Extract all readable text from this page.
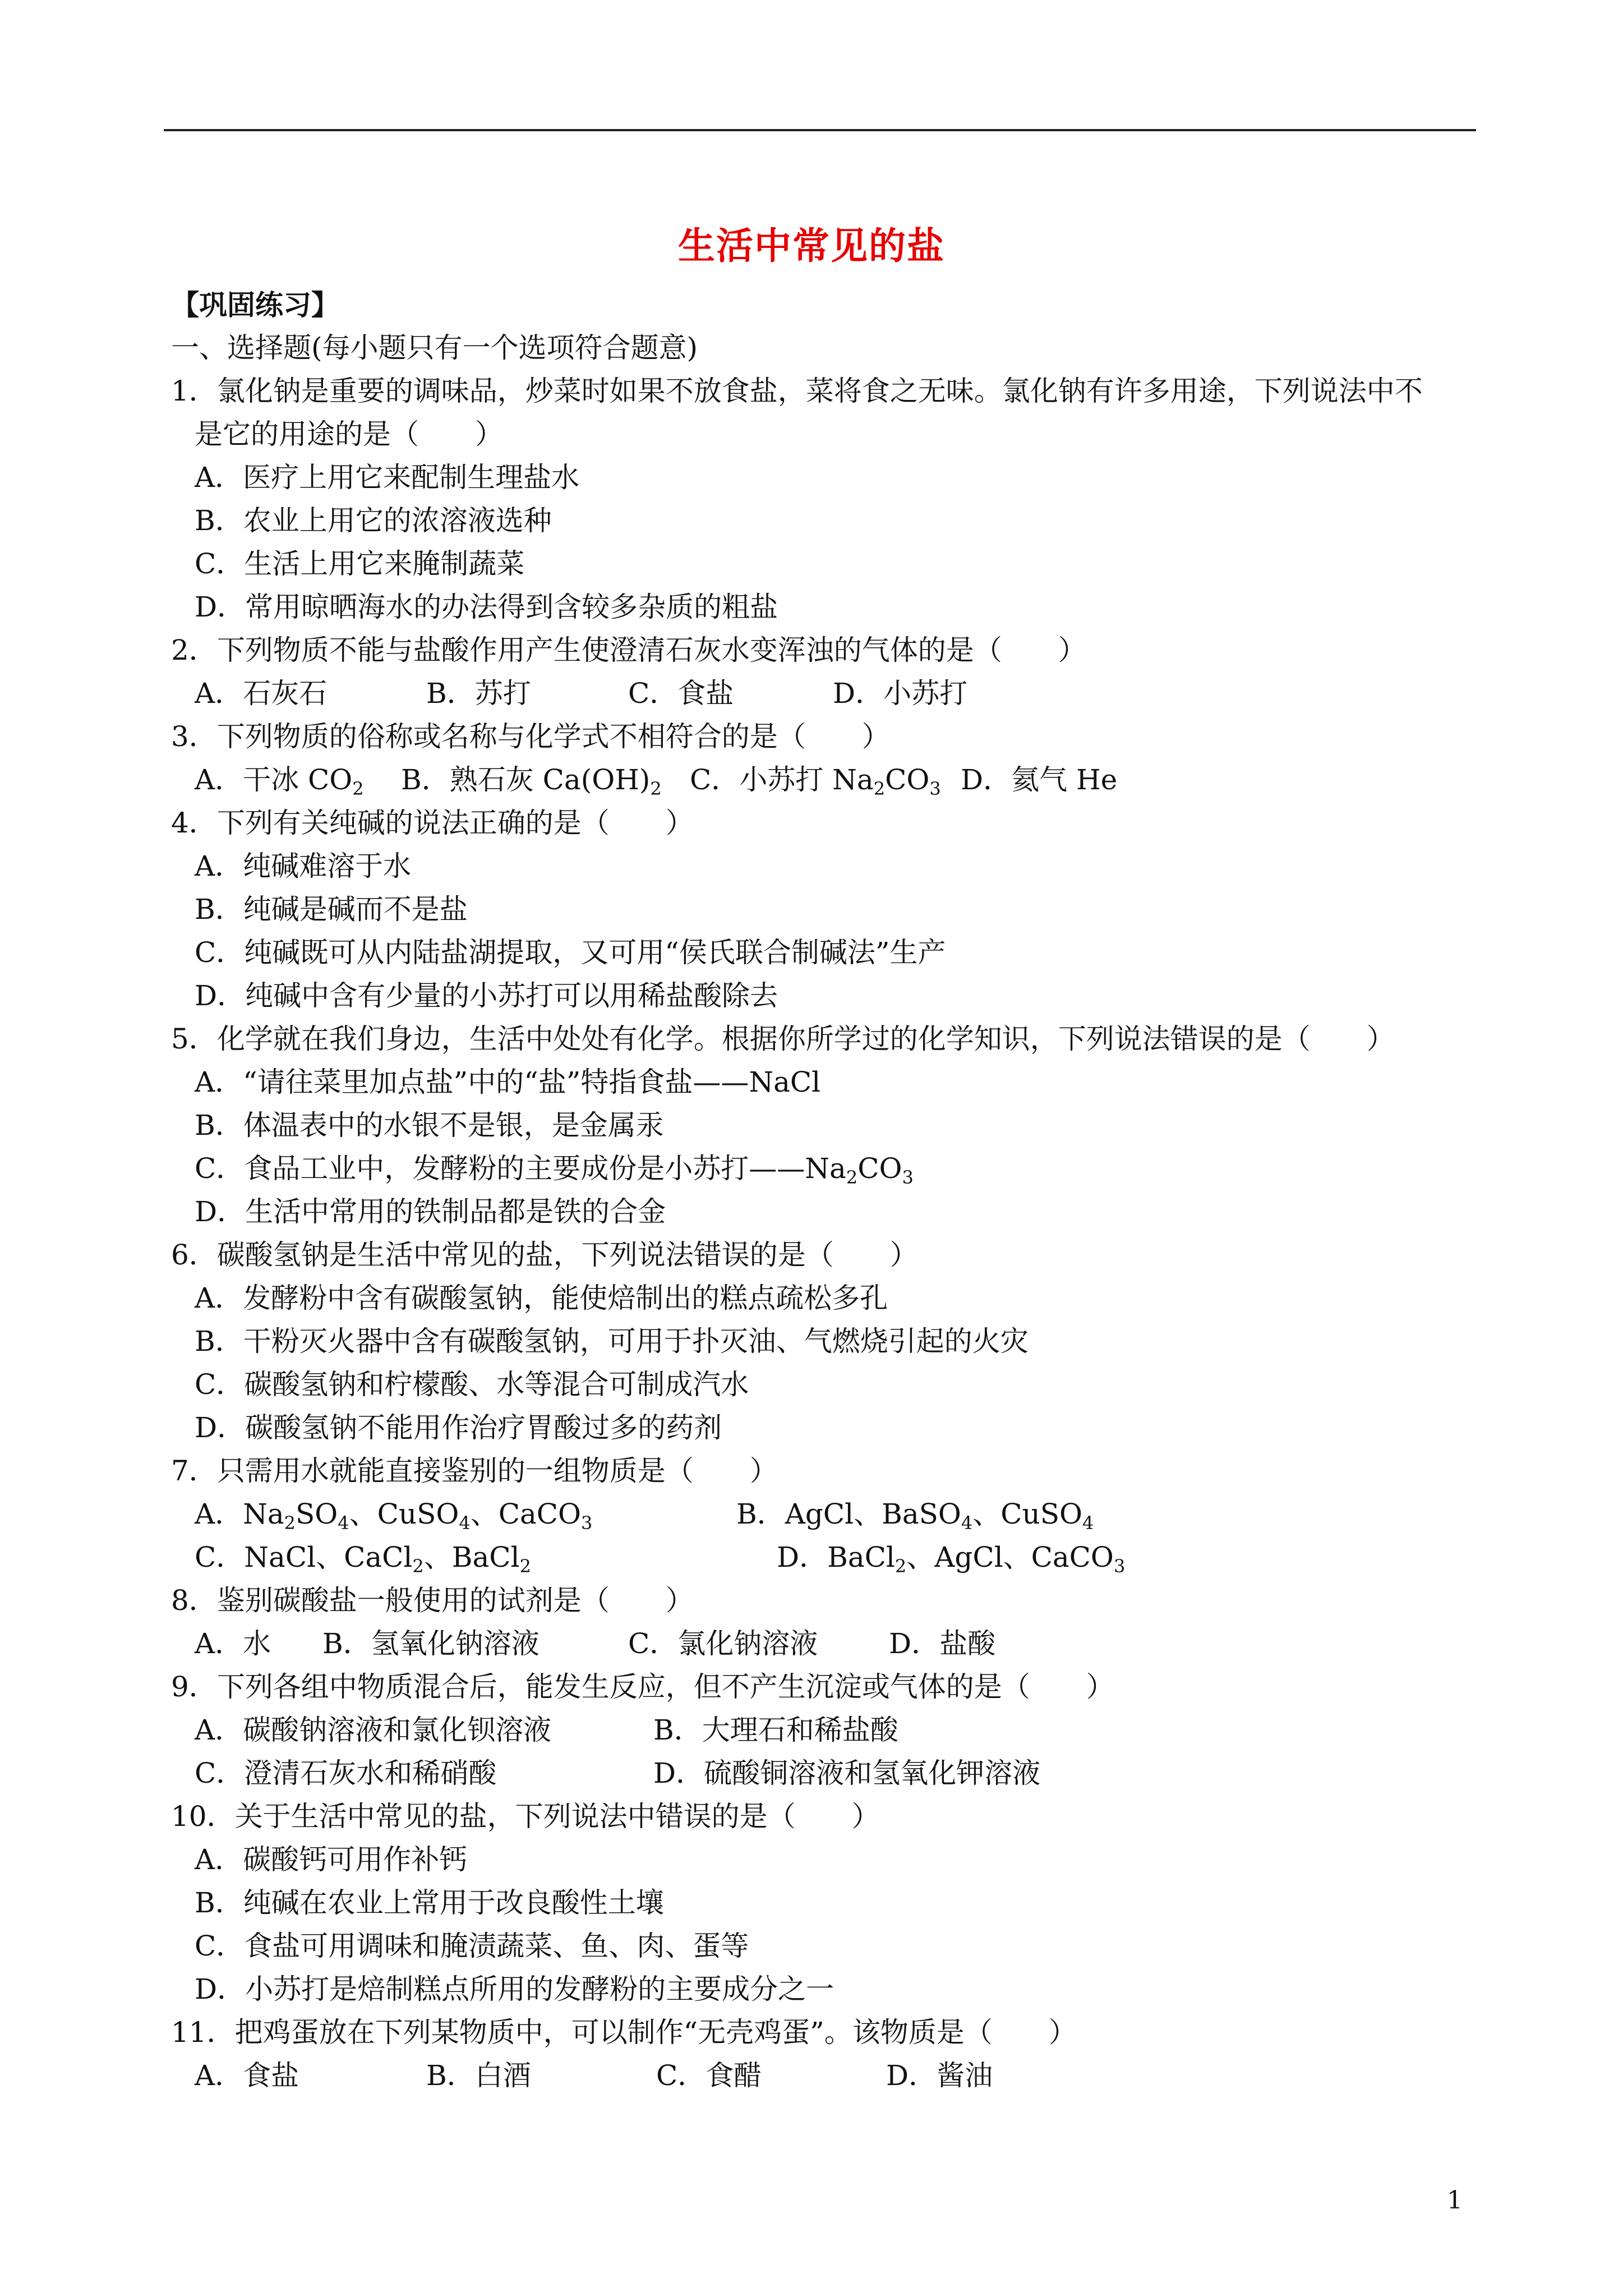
生活中常见的盐
【巩固练习】
一、选择题(每小题只有一个选项符合题意)
1．氯化钠是重要的调味品，炒菜时如果不放食盐，菜将食之无味。氯化钠有许多用途，下列说法中不
是它的用途的是（　　）
A．医疗上用它来配制生理盐水
B．农业上用它的浓溶液选种
C．生活上用它来腌制蔬菜
D．常用晾晒海水的办法得到含较多杂质的粗盐
2．下列物质不能与盐酸作用产生使澄清石灰水变浑浊的气体的是（　　）
A．石灰石	B．苏打	C．食盐	D．小苏打
3．下列物质的俗称或名称与化学式不相符合的是（　　）
A．干冰 $CO_2$ B．熟石灰 $Ca(OH)_2$ C．小苏打 $Na_2CO_3$ D．氦气 He
4．下列有关纯碱的说法正确的是（　　）
A．纯碱难溶于水
B．纯碱是碱而不是盐
C．纯碱既可从内陆盐湖提取，又可用“侯氏联合制碱法”生产
D．纯碱中含有少量的小苏打可以用稀盐酸除去
5．化学就在我们身边，生活中处处有化学。根据你所学过的化学知识，下列说法错误的是（　　）
A．“请往菜里加点盐”中的“盐”特指食盐——NaCl
B．体温表中的水银不是银，是金属汞
C．食品工业中，发酵粉的主要成份是小苏打$——Na_2CO_3$
D．生活中常用的铁制品都是铁的合金
6．碳酸氢钠是生活中常见的盐，下列说法错误的是（　　）
A．发酵粉中含有碳酸氢钠，能使焙制出的糕点疏松多孔
B．干粉灭火器中含有碳酸氢钠，可用于扑灭油、气燃烧引起的火灾
C．碳酸氢钠和柠檬酸、水等混合可制成汽水
D．碳酸氢钠不能用作治疗胃酸过多的药剂
7．只需用水就能直接鉴别的一组物质是（　　）
A．$Na_2SO_4$、CuSO$_4$、CaCO$_3$	B．AgCl、BaSO$_4$、CuSO$_4$
C．NaCl、CaCl$_2$、BaCl$_2$	D．BaCl$_2$、AgCl、CaCO$_3$
8．鉴别碳酸盐一般使用的试剂是（　　）
A．水 B．氢氧化钠溶液	C．氯化钠溶液	D．盐酸
9．下列各组中物质混合后，能发生反应，但不产生沉淀或气体的是（　　）
A．碳酸钠溶液和氯化钡溶液	B．大理石和稀盐酸
C．澄清石灰水和稀硝酸	D．硫酸铜溶液和氢氧化钾溶液
10．关于生活中常见的盐，下列说法中错误的是（　　）
A．碳酸钙可用作补钙
B．纯碱在农业上常用于改良酸性土壤
C．食盐可用调味和腌渍蔬菜、鱼、肉、蛋等
D．小苏打是焙制糕点所用的发酵粉的主要成分之一
11．把鸡蛋放在下列某物质中，可以制作“无壳鸡蛋”。该物质是（　　）
A．食盐	B．白酒	C．食醋	D．酱油
1
